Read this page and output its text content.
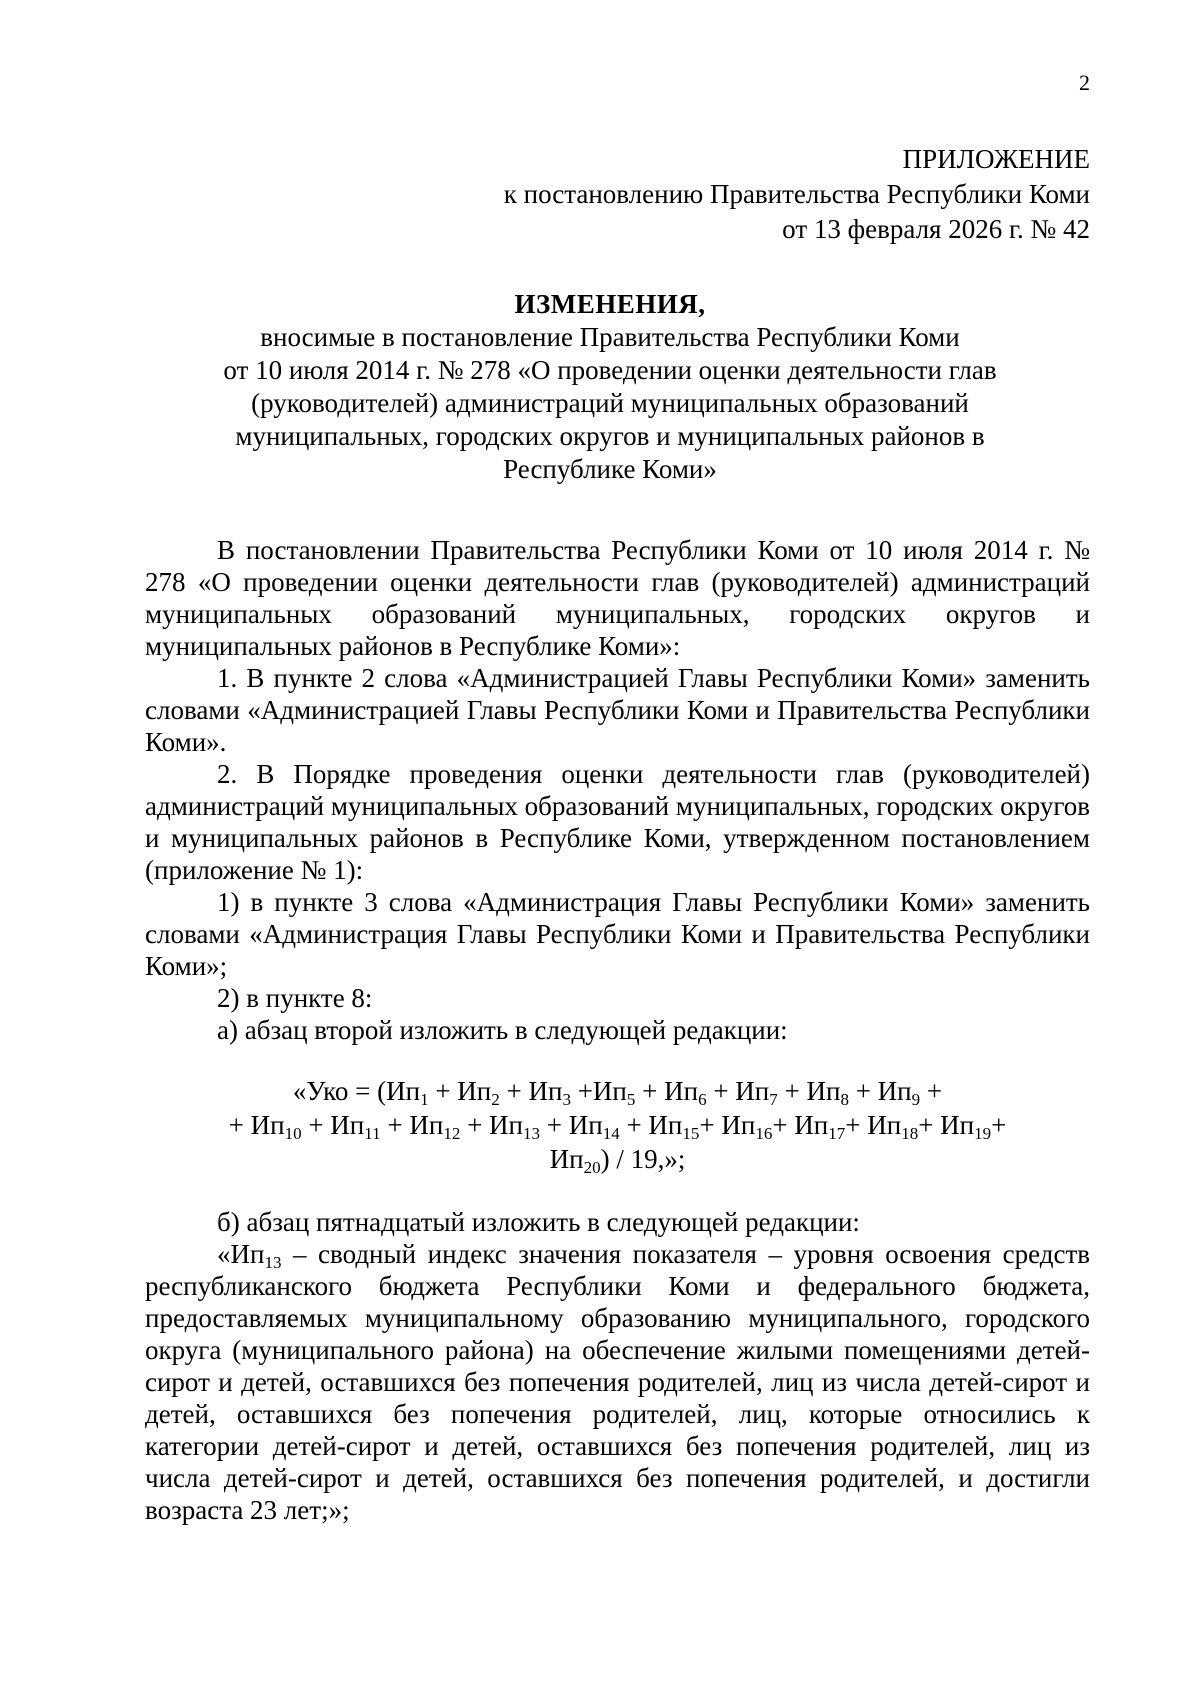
2
ПРИЛОЖЕНИЕ
к постановлению Правительства Республики Коми
от 13 февраля 2026 г. № 42
ИЗМЕНЕНИЯ,
вносимые в постановление Правительства Республики Коми
от 10 июля 2014 г. № 278 «О проведении оценки деятельности глав
(руководителей) администраций муниципальных образований
муниципальных, городских округов и муниципальных районов в
Республике Коми»

В постановлении Правительства Республики Коми от 10 июля 2014 г. № 278 «О проведении оценки деятельности глав (руководителей) администраций муниципальных образований муниципальных, городских округов и муниципальных районов в Республике Коми»:

1. В пункте 2 слова «Администрацией Главы Республики Коми» заменить словами «Администрацией Главы Республики Коми и Правительства Республики Коми».

2. В Порядке проведения оценки деятельности глав (руководителей) администраций муниципальных образований муниципальных, городских округов и муниципальных районов в Республике Коми, утвержденном постановлением (приложение № 1):

1) в пункте 3 слова «Администрация Главы Республики Коми» заменить словами «Администрация Главы Республики Коми и Правительства Республики Коми»;

2) в пункте 8:

а) абзац второй изложить в следующей редакции:

«Уко = ($Ип_1 + Ип_2 + Ип_3 +Ип_5 + Ип_6 + Ип_7 + Ип_8 + Ип_9$ +
+ $Ип_{10} + Ип_{11} + Ип_{12} + Ип_{13} + Ип_{14} + Ип_{15}+ Ип_{16}+ Ип_{17}+ Ип_{18}+ Ип_{19}+$
$Ип_{20}) / 19$,»;

б) абзац пятнадцатый изложить в следующей редакции:

«$Ип_{13}$ – сводный индекс значения показателя – уровня освоения средств республиканского бюджета Республики Коми и федерального бюджета, предоставляемых муниципальному образованию муниципального, городского округа (муниципального района) на обеспечение жилыми помещениями детей-сирот и детей, оставшихся без попечения родителей, лиц из числа детей-сирот и детей, оставшихся без попечения родителей, лиц, которые относились к категории детей-сирот и детей, оставшихся без попечения родителей, лиц из числа детей-сирот и детей, оставшихся без попечения родителей, и достигли возраста 23 лет;»;
